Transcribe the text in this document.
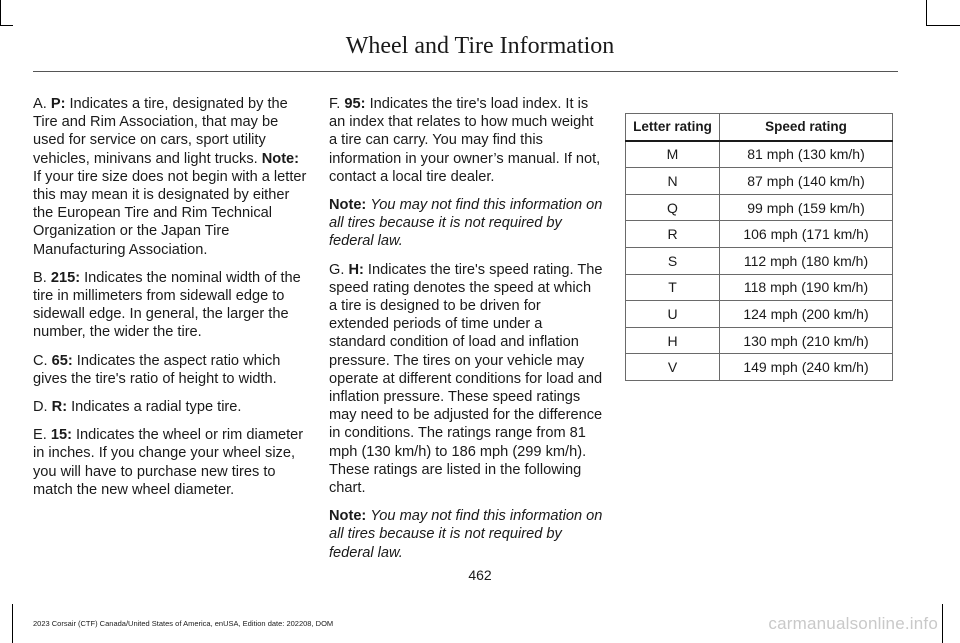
Wheel and Tire Information

A. P: Indicates a tire, designated by the Tire and Rim Association, that may be used for service on cars, sport utility vehicles, minivans and light trucks. Note: If your tire size does not begin with a letter this may mean it is designated by either the European Tire and Rim Technical Organization or the Japan Tire Manufacturing Association.

B. 215: Indicates the nominal width of the tire in millimeters from sidewall edge to sidewall edge. In general, the larger the number, the wider the tire.

C. 65: Indicates the aspect ratio which gives the tire's ratio of height to width.

D. R: Indicates a radial type tire.

E. 15: Indicates the wheel or rim diameter in inches. If you change your wheel size, you will have to purchase new tires to match the new wheel diameter.

F. 95: Indicates the tire's load index. It is an index that relates to how much weight a tire can carry. You may find this information in your owner’s manual. If not, contact a local tire dealer.

Note: You may not find this information on all tires because it is not required by federal law.

G. H: Indicates the tire's speed rating. The speed rating denotes the speed at which a tire is designed to be driven for extended periods of time under a standard condition of load and inflation pressure. The tires on your vehicle may operate at different conditions for load and inflation pressure. These speed ratings may need to be adjusted for the difference in conditions. The ratings range from 81 mph (130 km/h) to 186 mph (299 km/h). These ratings are listed in the following chart.

Note: You may not find this information on all tires because it is not required by federal law.

Letter rating	Speed rating
M	81 mph (130 km/h)
N	87 mph (140 km/h)
Q	99 mph (159 km/h)
R	106 mph (171 km/h)
S	112 mph (180 km/h)
T	118 mph (190 km/h)
U	124 mph (200 km/h)
H	130 mph (210 km/h)
V	149 mph (240 km/h)
462
2023 Corsair (CTF) Canada/United States of America, enUSA, Edition date: 202208, DOM	carmanualsonline.info
